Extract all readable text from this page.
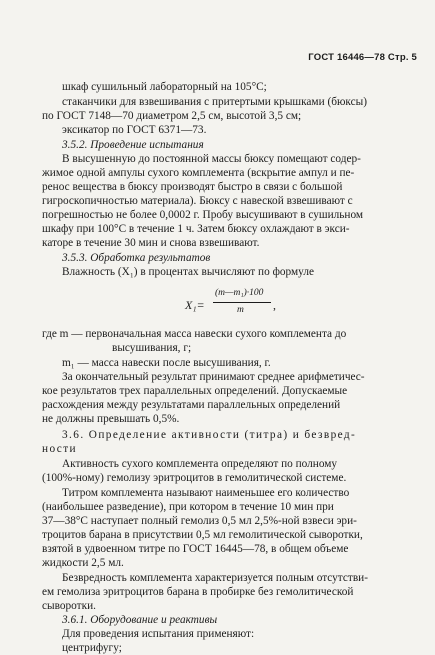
ГОСТ 16446—78 Стр. 5
шкаф сушильный лабораторный на 105°С;
стаканчики для взвешивания с притертыми крышками (бюксы)
по ГОСТ 7148—70 диаметром 2,5 см, высотой 3,5 см;
эксикатор по ГОСТ 6371—73.
3.5.2. Проведение испытания
В высушенную до постоянной массы бюксу помещают содер-
жимое одной ампулы сухого комплемента (вскрытие ампул и пе-
ренос вещества в бюксу производят быстро в связи с большой
гигроскопичностью материала). Бюксу с навеской взвешивают с
погрешностью не более 0,0002 г. Пробу высушивают в сушильном
шкафу при 100°С в течение 1 ч. Затем бюксу охлаждают в экси-
каторе в течение 30 мин и снова взвешивают.
3.5.3. Обработка результатов
Влажность (X₁) в процентах вычисляют по формуле
X₁=
(m—m₁)·100
m ,
где m — первоначальная масса навески сухого комплемента до
высушивания, г;
m₁ — масса навески после высушивания, г.
За окончательный результат принимают среднее арифметичес-
кое результатов трех параллельных определений. Допускаемые
расхождения между результатами параллельных определений
не должны превышать 0,5%.
3.6. Определение активности (титра) и безвред-
ности
Активность сухого комплемента определяют по полному
(100%-ному) гемолизу эритроцитов в гемолитической системе.
Титром комплемента называют наименьшее его количество
(наибольшее разведение), при котором в течение 10 мин при
37—38°С наступает полный гемолиз 0,5 мл 2,5%-ной взвеси эри-
троцитов барана в присутствии 0,5 мл гемолитической сыворотки,
взятой в удвоенном титре по ГОСТ 16445—78, в общем объеме
жидкости 2,5 мл.
Безвредность комплемента характеризуется полным отсутстви-
ем гемолиза эритроцитов барана в пробирке без гемолитической
сыворотки.
3.6.1. Оборудование и реактивы
Для проведения испытания применяют:
центрифугу;
